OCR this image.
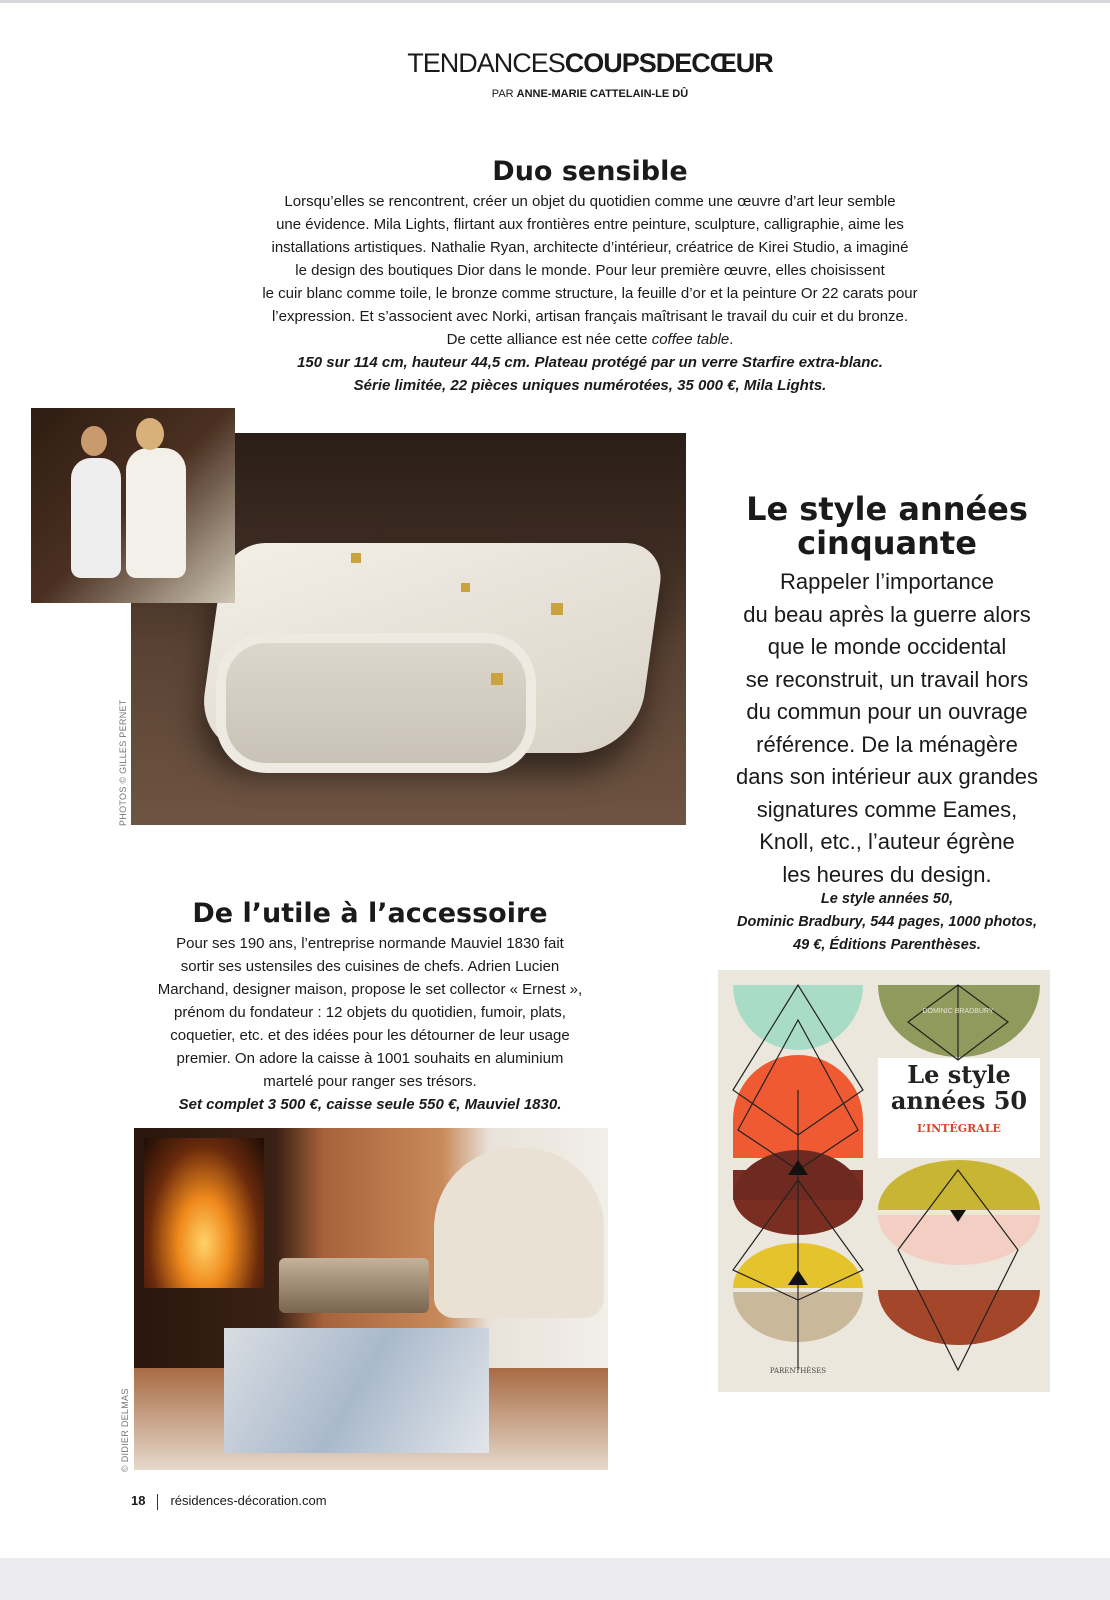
TENDANCESCOUPSDECŒUR
PAR ANNE-MARIE CATTELAIN-LE DÛ
Duo sensible
Lorsqu’elles se rencontrent, créer un objet du quotidien comme une œuvre d’art leur semble
une évidence. Mila Lights, flirtant aux frontières entre peinture, sculpture, calligraphie, aime les
installations artistiques. Nathalie Ryan, architecte d’intérieur, créatrice de Kirei Studio, a imaginé
le design des boutiques Dior dans le monde. Pour leur première œuvre, elles choisissent
le cuir blanc comme toile, le bronze comme structure, la feuille d’or et la peinture Or 22 carats pour
l’expression. Et s’associent avec Norki, artisan français maîtrisant le travail du cuir et du bronze.
De cette alliance est née cette coffee table.
150 sur 114 cm, hauteur 44,5 cm. Plateau protégé par un verre Starfire extra-blanc.
Série limitée, 22 pièces uniques numérotées, 35 000 €, Mila Lights.
PHOTOS © GILLES PERNET
Le style années cinquante
Rappeler l’importance
du beau après la guerre alors
que le monde occidental
se reconstruit, un travail hors
du commun pour un ouvrage
référence. De la ménagère
dans son intérieur aux grandes
signatures comme Eames,
Knoll, etc., l’auteur égrène
les heures du design.
Le style années 50,
Dominic Bradbury, 544 pages, 1000 photos,
49 €, Éditions Parenthèses.
DOMINIC BRADBURY
Le style
années 50
L’INTÉGRALE
PARENTHÈSES
De l’utile à l’accessoire
Pour ses 190 ans, l’entreprise normande Mauviel 1830 fait
sortir ses ustensiles des cuisines de chefs. Adrien Lucien
Marchand, designer maison, propose le set collector « Ernest »,
prénom du fondateur : 12 objets du quotidien, fumoir, plats,
coquetier, etc. et des idées pour les détourner de leur usage
premier. On adore la caisse à 1001 souhaits en aluminium
martelé pour ranger ses trésors.
Set complet 3 500 €, caisse seule 550 €, Mauviel 1830.
© DIDIER DELMAS
18 résidences-décoration.com
